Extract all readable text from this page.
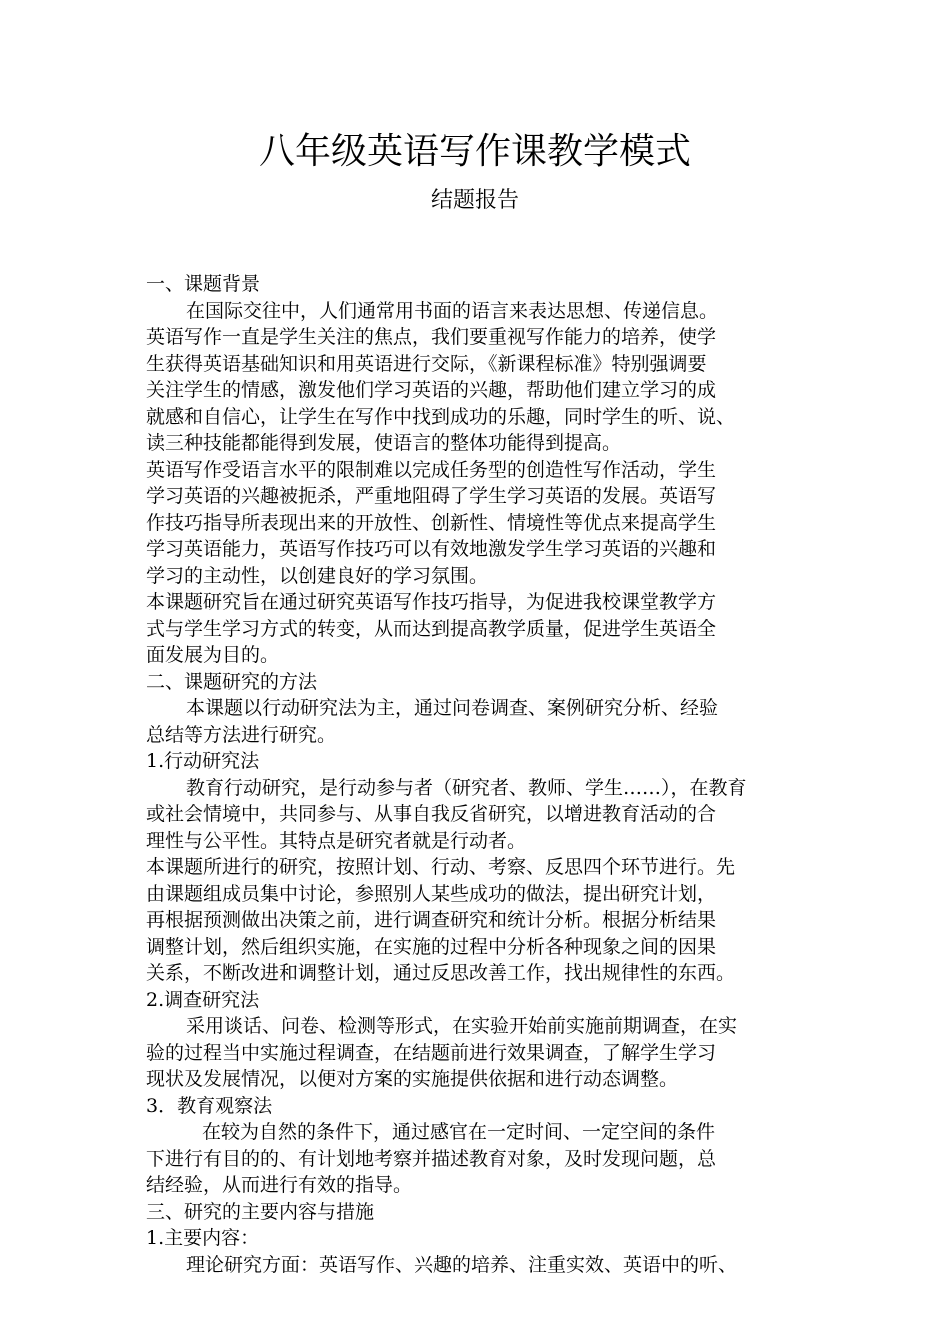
八年级英语写作课教学模式
结题报告
一、课题背景
在国际交往中，人们通常用书面的语言来表达思想、传递信息。
英语写作一直是学生关注的焦点，我们要重视写作能力的培养，使学
生获得英语基础知识和用英语进行交际，《新课程标准》特别强调要
关注学生的情感，激发他们学习英语的兴趣，帮助他们建立学习的成
就感和自信心，让学生在写作中找到成功的乐趣，同时学生的听、说、
读三种技能都能得到发展，使语言的整体功能得到提高。
英语写作受语言水平的限制难以完成任务型的创造性写作活动，学生
学习英语的兴趣被扼杀，严重地阻碍了学生学习英语的发展。英语写
作技巧指导所表现出来的开放性、创新性、情境性等优点来提高学生
学习英语能力，英语写作技巧可以有效地激发学生学习英语的兴趣和
学习的主动性，以创建良好的学习氛围。
本课题研究旨在通过研究英语写作技巧指导，为促进我校课堂教学方
式与学生学习方式的转变，从而达到提高教学质量，促进学生英语全
面发展为目的。
二、课题研究的方法
本课题以行动研究法为主，通过问卷调查、案例研究分析、经验
总结等方法进行研究。
1.行动研究法
教育行动研究，是行动参与者（研究者、教师、学生……），在教育
或社会情境中，共同参与、从事自我反省研究，以增进教育活动的合
理性与公平性。其特点是研究者就是行动者。
本课题所进行的研究，按照计划、行动、考察、反思四个环节进行。先
由课题组成员集中讨论，参照别人某些成功的做法，提出研究计划，
再根据预测做出决策之前，进行调查研究和统计分析。根据分析结果
调整计划，然后组织实施，在实施的过程中分析各种现象之间的因果
关系，不断改进和调整计划，通过反思改善工作，找出规律性的东西。
2.调查研究法
采用谈话、问卷、检测等形式，在实验开始前实施前期调查，在实
验的过程当中实施过程调查，在结题前进行效果调查，了解学生学习
现状及发展情况，以便对方案的实施提供依据和进行动态调整。
3．教育观察法
在较为自然的条件下，通过感官在一定时间、一定空间的条件
下进行有目的的、有计划地考察并描述教育对象，及时发现问题，总
结经验，从而进行有效的指导。
三、研究的主要内容与措施
1.主要内容：
理论研究方面：英语写作、兴趣的培养、注重实效、英语中的听、
